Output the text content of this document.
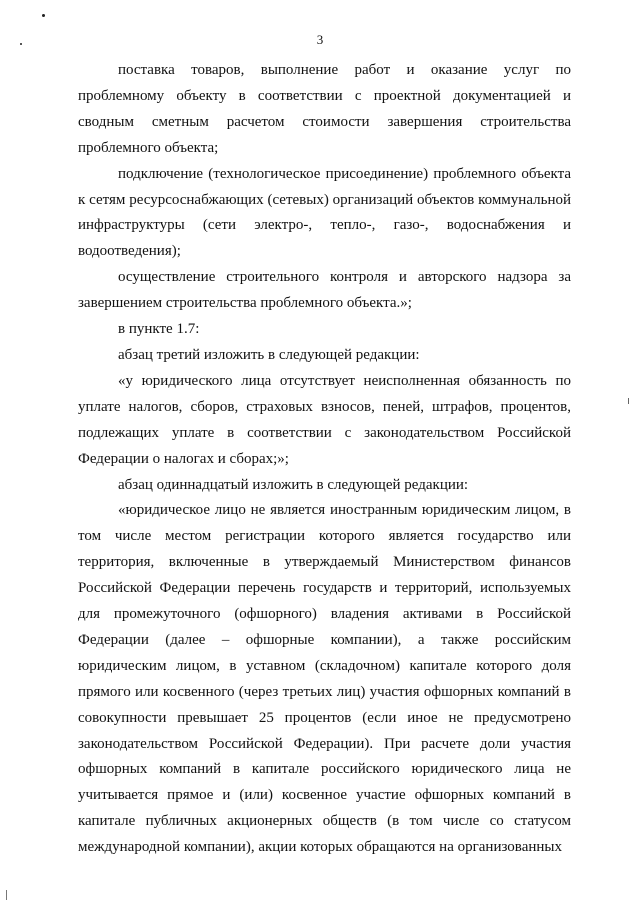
3

поставка товаров, выполнение работ и оказание услуг по проблемному объекту в соответствии с проектной документацией и сводным сметным расчетом стоимости завершения строительства проблемного объекта;

подключение (технологическое присоединение) проблемного объекта к сетям ресурсоснабжающих (сетевых) организаций объектов коммунальной инфраструктуры (сети электро-, тепло-, газо-, водоснабжения и водоотведения);

осуществление строительного контроля и авторского надзора за завершением строительства проблемного объекта.»;

в пункте 1.7:

абзац третий изложить в следующей редакции:

«у юридического лица отсутствует неисполненная обязанность по уплате налогов, сборов, страховых взносов, пеней, штрафов, процентов, подлежащих уплате в соответствии с законодательством Российской Федерации о налогах и сборах;»;

абзац одиннадцатый изложить в следующей редакции:

«юридическое лицо не является иностранным юридическим лицом, в том числе местом регистрации которого является государство или территория, включенные в утверждаемый Министерством финансов Российской Федерации перечень государств и территорий, используемых для промежуточного (офшорного) владения активами в Российской Федерации (далее – офшорные компании), а также российским юридическим лицом, в уставном (складочном) капитале которого доля прямого или косвенного (через третьих лиц) участия офшорных компаний в совокупности превышает 25 процентов (если иное не предусмотрено законодательством Российской Федерации). При расчете доли участия офшорных компаний в капитале российского юридического лица не учитывается прямое и (или) косвенное участие офшорных компаний в капитале публичных акционерных обществ (в том числе со статусом международной компании), акции которых обращаются на организованных
